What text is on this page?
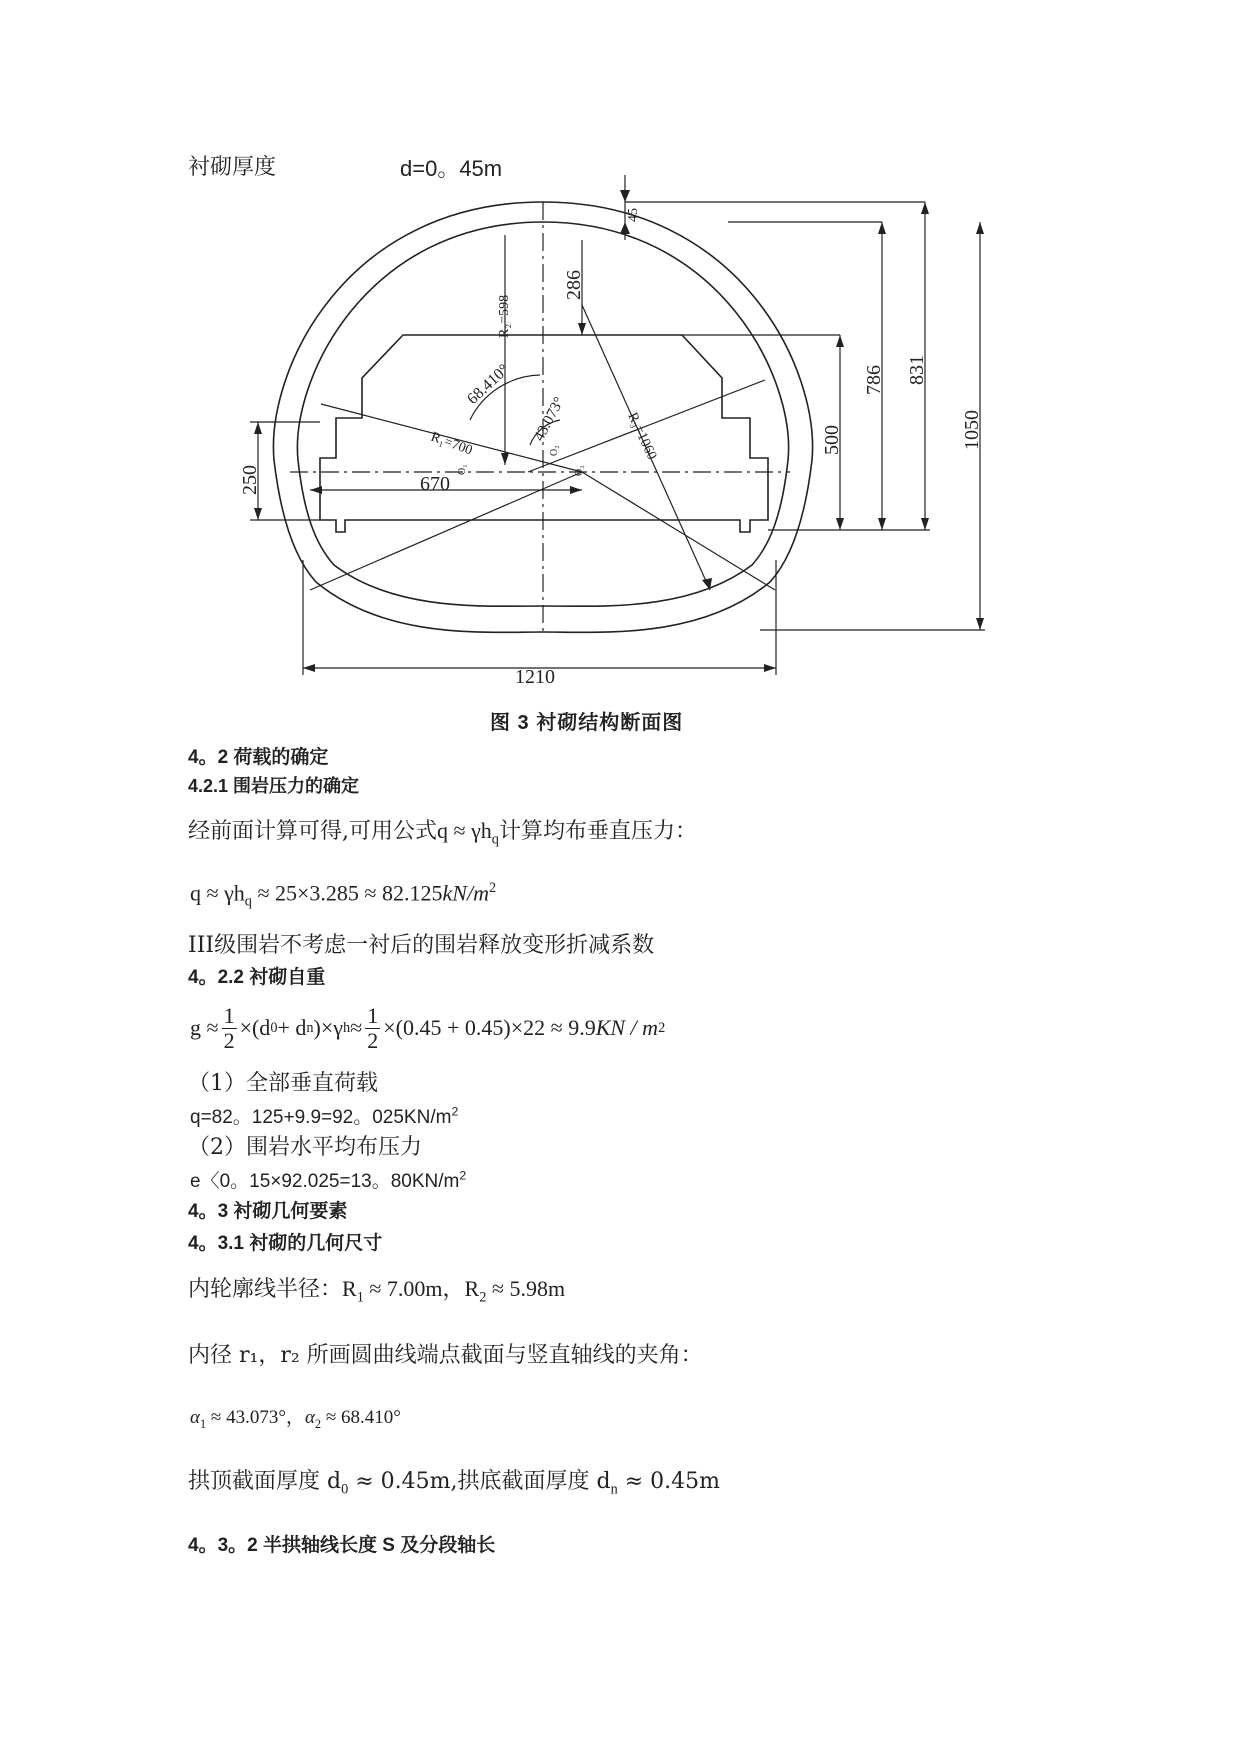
衬砌厚度	d=0。45m
45
R₂=598
286
68.410°
43.073°
R₁=700	R₃=1060
O₁
O₂
O₃
250	670
500
786 831
1050
1210
图 3 衬砌结构断面图
4。2 荷载的确定
4.2.1 围岩压力的确定
经前面计算可得,可用公式$q \approx \gamma h_q$计算均布垂直压力：
$q \approx \gamma h_q \approx 25\times 3.285 \approx 82.125kN/m^2$
III级围岩不考虑一衬后的围岩释放变形折减系数
4。2.2 衬砌自重
$g \approx \frac{1}{2} \times(d$ 0 + d n )×γ $h \approx \frac{1}{2} \times(0.45 + 0.45)\times 22 \approx 9.9$ KN / m 2
（1）全部垂直荷载
q=82。125+9.9=92。$025KN/m^2$
（2）围岩水平均布压力
e〈0。15×92.025=13。$80KN/m^2$
4。3 衬砌几何要素
4。3.1 衬砌的几何尺寸
内轮廓线半径：$R_1 \approx 7.00m$，$R_2 \approx 5.98m$
内径 r₁，r₂ 所画圆曲线端点截面与竖直轴线的夹角：
$\alpha_1 \approx 43.073^\circ$，$\alpha_2 \approx 68.410^\circ$
拱顶截面厚度 $d_0 \approx 0.45m$,拱底截面厚度 $d_n \approx 0.45m$
4。3。2 半拱轴线长度 S 及分段轴长
